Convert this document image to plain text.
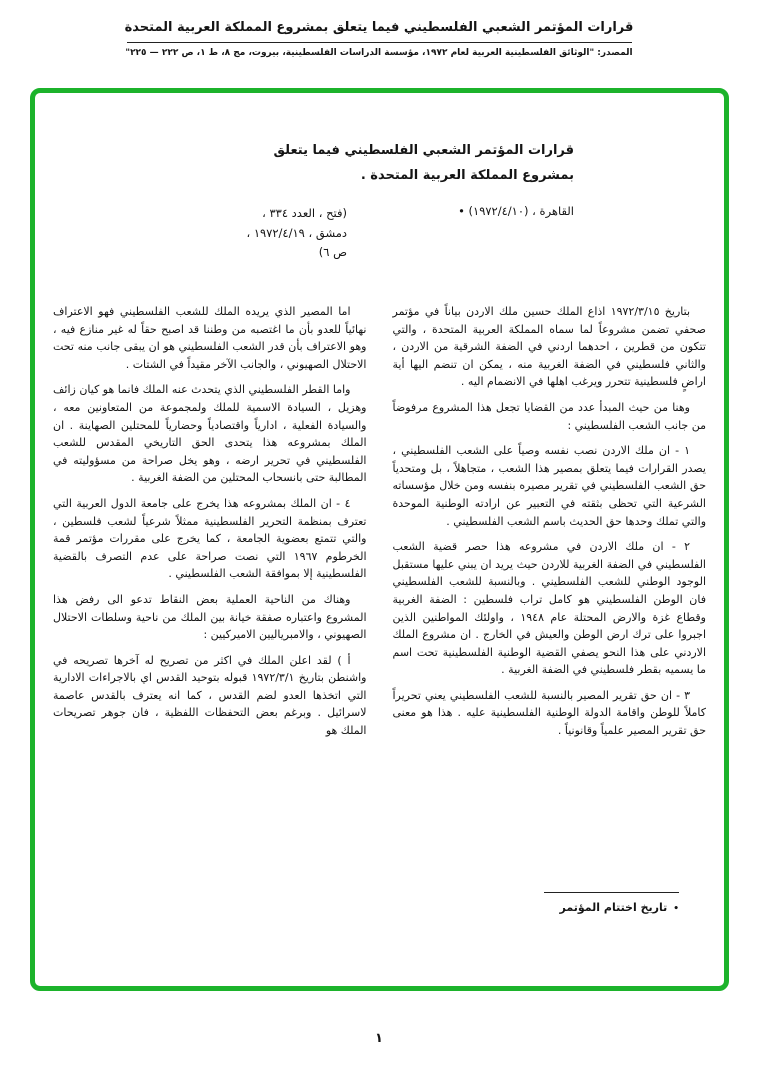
قرارات المؤتمر الشعبي الفلسطيني فيما يتعلق بمشروع المملكة العربية المتحدة
المصدر: "الوثائق الفلسطينية العربية لعام ١٩٧٢، مؤسسة الدراسات الفلسطينية، بيروت، مج ٨، ط ١، ص ٢٢٢ — ٢٢٥"
قرارات المؤتمر الشعبي الفلسطيني فيما يتعلق بمشروع المملكة العربية المتحدة .
القاهرة ، (١٩٧٢/٤/١٠) •
(فتح ، العدد ٣٣٤ ، دمشق ، ١٩٧٢/٤/١٩ ، ص ٦)

بتاريخ ١٩٧٢/٣/١٥ اذاع الملك حسين ملك الاردن بياناً في مؤتمر صحفي تضمن مشروعاً لما سماه المملكة العربية المتحدة ، والتي تتكون من قطرين ، احدهما اردني في الضفة الشرقية من الاردن ، والثاني فلسطيني في الضفة الغربية منه ، يمكن ان تنضم اليها أية اراضٍ فلسطينية تتحرر ويرغب اهلها في الانضمام اليه .

وهنا من حيث المبدأ عدد من القضايا تجعل هذا المشروع مرفوضاً من جانب الشعب الفلسطيني :

١ - ان ملك الاردن نصب نفسه وصياً على الشعب الفلسطيني ، يصدر القرارات فيما يتعلق بمصير هذا الشعب ، متجاهلاً ، بل ومتحدياً حق الشعب الفلسطيني في تقرير مصيره بنفسه ومن خلال مؤسساته الشرعية التي تحظى بثقته في التعبير عن ارادته الوطنية الموحدة والتي تملك وحدها حق الحديث باسم الشعب الفلسطيني .

٢ - ان ملك الاردن في مشروعه هذا حصر قضية الشعب الفلسطيني في الضفة الغربية للاردن حيث يريد ان يبني عليها مستقبل الوجود الوطني للشعب الفلسطيني . وبالنسبة للشعب الفلسطيني فان الوطن الفلسطيني هو كامل تراب فلسطين : الضفة الغربية وقطاع غزة والارض المحتلة عام ١٩٤٨ ، واولئك المواطنين الذين اجبروا على ترك ارض الوطن والعيش في الخارج . ان مشروع الملك الاردني على هذا النحو يصفي القضية الوطنية الفلسطينية تحت اسم ما يسميه بقطر فلسطيني في الضفة الغربية .

٣ - ان حق تقرير المصير بالنسبة للشعب الفلسطيني يعني تحريراً كاملاً للوطن واقامة الدولة الوطنية الفلسطينية عليه . هذا هو معنى حق تقرير المصير علمياً وقانونياً .

اما المصير الذي يريده الملك للشعب الفلسطيني فهو الاعتراف نهائياً للعدو بأن ما اغتصبه من وطننا قد اصبح حقاً له غير منازع فيه ، وهو الاعتراف بأن قدر الشعب الفلسطيني هو ان يبقى جانب منه تحت الاحتلال الصهيوني ، والجانب الآخر مقيداً في الشتات .

واما القطر الفلسطيني الذي يتحدث عنه الملك فانما هو كيان زائف وهزيل ، السيادة الاسمية للملك ولمجموعة من المتعاونين معه ، والسيادة الفعلية ، ادارياً واقتصادياً وحضارياً للمحتلين الصهاينة . ان الملك بمشروعه هذا يتحدى الحق التاريخي المقدس للشعب الفلسطيني في تحرير ارضه ، وهو يخل صراحة من مسؤوليته في المطالبة حتى بانسحاب المحتلين من الضفة الغربية .

٤ - ان الملك بمشروعه هذا يخرج على جامعة الدول العربية التي تعترف بمنظمة التحرير الفلسطينية ممثلاً شرعياً لشعب فلسطين ، والتي تتمتع بعضوية الجامعة ، كما يخرج على مقررات مؤتمر قمة الخرطوم ١٩٦٧ التي نصت صراحة على عدم التصرف بالقضية الفلسطينية إلا بموافقة الشعب الفلسطيني .

وهناك من الناحية العملية بعض النقاط تدعو الى رفض هذا المشروع واعتباره صفقة خيانة بين الملك من ناحية وسلطات الاحتلال الصهيوني ، والامبرياليين الاميركيين :

أ ) لقد اعلن الملك في اكثر من تصريح له آخرها تصريحه في واشنطن بتاريخ ١٩٧٢/٣/١ قبوله بتوحيد القدس اي بالاجراءات الادارية التي اتخذها العدو لضم القدس ، كما انه يعترف بالقدس عاصمة لاسرائيل . وبرغم بعض التحفظات اللفظية ، فان جوهر تصريحات الملك هو

•تاريخ اختتام المؤتمر
١
